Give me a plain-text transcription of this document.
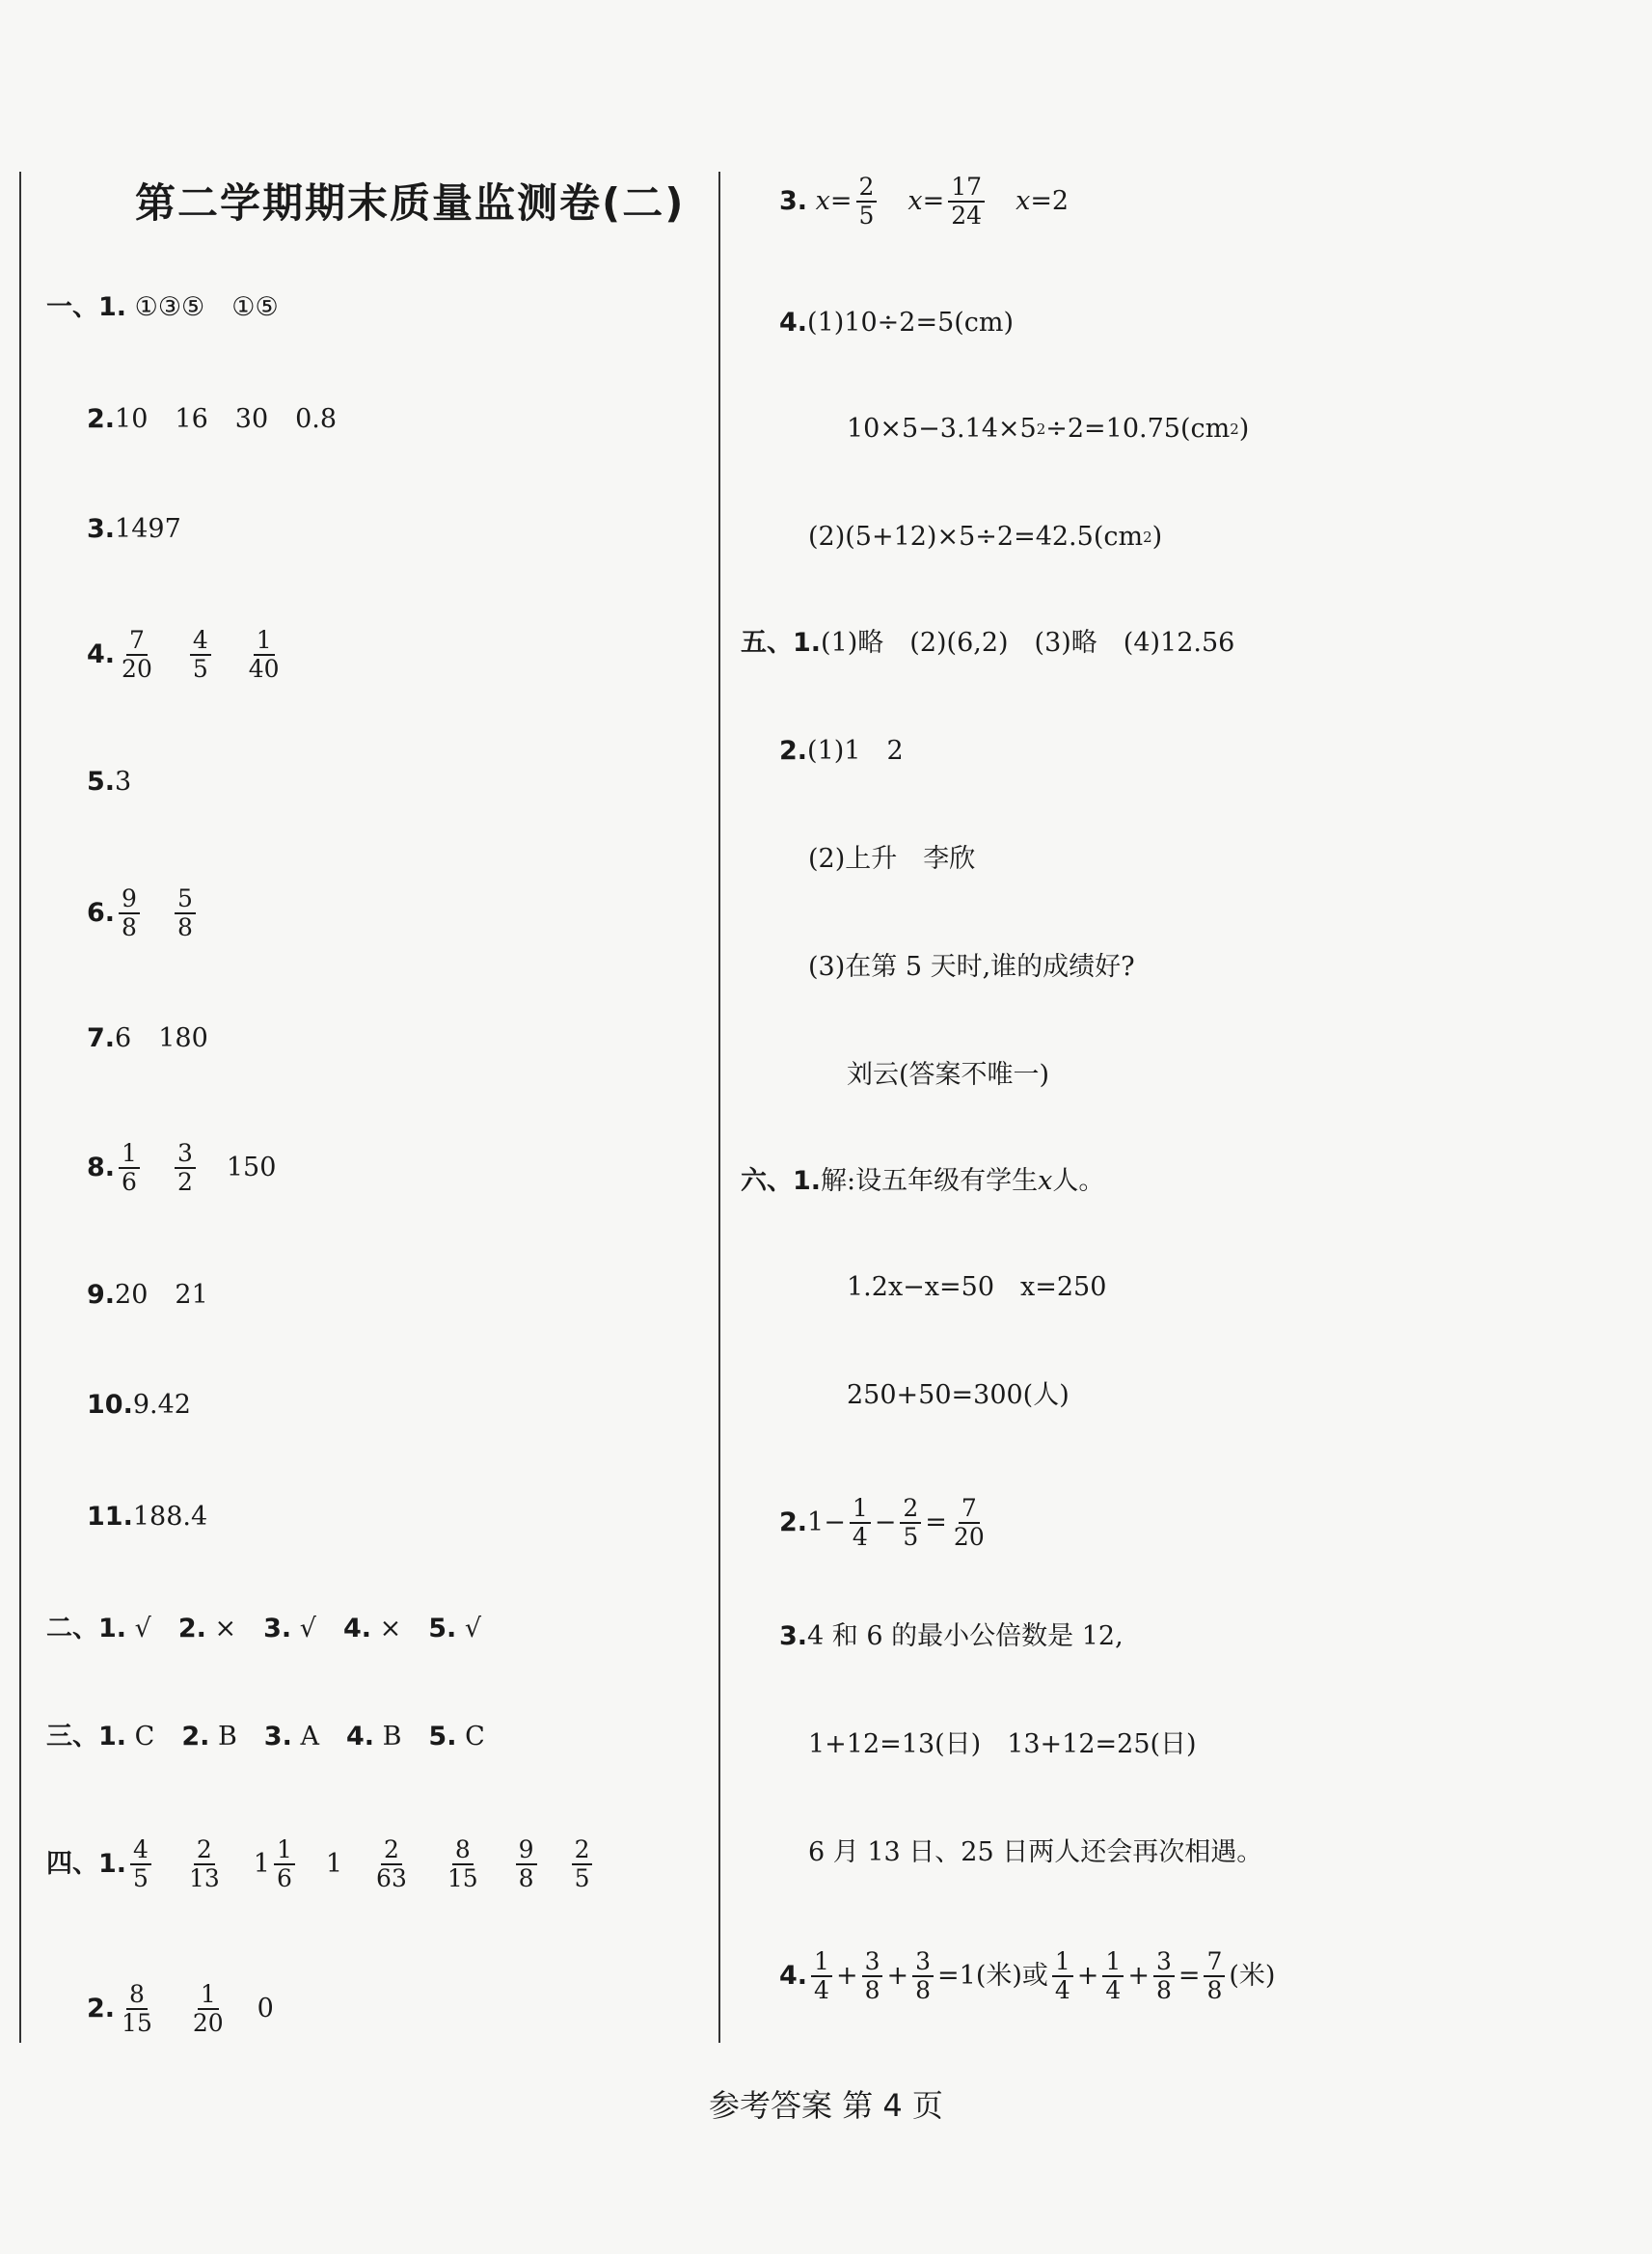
第二学期期末质量监测卷(二)
一、1.
①③⑤ ①⑤
2. 10 16 30 0.8
3. 1497
4. $\frac{7}{20} \frac{4}{5} \frac{1}{40}$
5. 3
6. $\frac{9}{8} \frac{5}{8}$
7. 6 180
8. $\frac{1}{6} \frac{3}{2} 150$
9. 20 21
10. 9.42
11. 188.4
二、1.
√ 2.
× 3.
√ 4.
× 5.
√
三、1.
C 2.
B 3.
A 4.
B 5.
C
四、1. $\frac{4}{5} \frac{2}{13} 1 \frac{1}{6} 1 \frac{2}{63} \frac{8}{15} \frac{9}{8} \frac{2}{5}$
2. $\frac{8}{15} \frac{1}{20} 0$
3.
$x = \frac{2}{5}$ $x = \frac{17}{24}$ x =2
4. (1)10÷2=5(cm)
10×5−3.14×5 2 ÷2=10.75(cm 2 )
(2)(5+12)×5÷2=42.5(cm 2 )
五、1. (1)略　(2)(6,2)　(3)略　(4)12.56
2. (1)1　2
(2)上升　李欣
(3)在第 5 天时,谁的成绩好?
刘云(答案不唯一)
六、1. 解:设五年级有学生 x 人。
1.2x−x=50　x=250
250+50=300(人)
2. $1- \frac{1}{4} - \frac{2}{5} = \frac{7}{20}$
3. 4 和 6 的最小公倍数是 12,
1+12=13(日)　13+12=25(日)
6 月 13 日、25 日两人还会再次相遇。
4. $\frac{1}{4} + \frac{3}{8} + \frac{3}{8} =1$(米)或 $\frac{1}{4} + \frac{1}{4} + \frac{3}{8} = \frac{7}{8}$ (米)
参考答案 第 4 页
